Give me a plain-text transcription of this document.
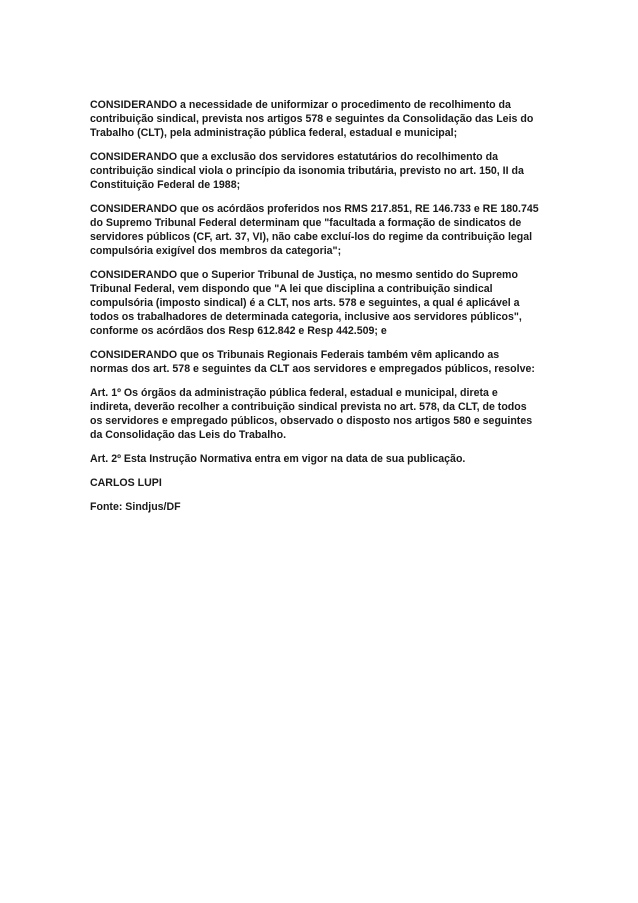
CONSIDERANDO a necessidade de uniformizar o procedimento de recolhimento da
contribuição sindical, prevista nos artigos 578 e seguintes da Consolidação das Leis do
Trabalho (CLT), pela administração pública federal, estadual e municipal;

CONSIDERANDO que a exclusão dos servidores estatutários do recolhimento da
contribuição sindical viola o princípio da isonomia tributária, previsto no art. 150, II da
Constituição Federal de 1988;

CONSIDERANDO que os acórdãos proferidos nos RMS 217.851, RE 146.733 e RE 180.745
do Supremo Tribunal Federal determinam que "facultada a formação de sindicatos de
servidores públicos (CF, art. 37, VI), não cabe excluí-los do regime da contribuição legal
compulsória exigível dos membros da categoria";

CONSIDERANDO que o Superior Tribunal de Justiça, no mesmo sentido do Supremo
Tribunal Federal, vem dispondo que "A lei que disciplina a contribuição sindical
compulsória (imposto sindical) é a CLT, nos arts. 578 e seguintes, a qual é aplicável a
todos os trabalhadores de determinada categoria, inclusive aos servidores públicos",
conforme os acórdãos dos Resp 612.842 e Resp 442.509; e

CONSIDERANDO que os Tribunais Regionais Federais também vêm aplicando as
normas dos art. 578 e seguintes da CLT aos servidores e empregados públicos, resolve:

Art. 1º Os órgãos da administração pública federal, estadual e municipal, direta e
indireta, deverão recolher a contribuição sindical prevista no art. 578, da CLT, de todos
os servidores e empregado públicos, observado o disposto nos artigos 580 e seguintes
da Consolidação das Leis do Trabalho.

Art. 2º Esta Instrução Normativa entra em vigor na data de sua publicação.

CARLOS LUPI

Fonte: Sindjus/DF
